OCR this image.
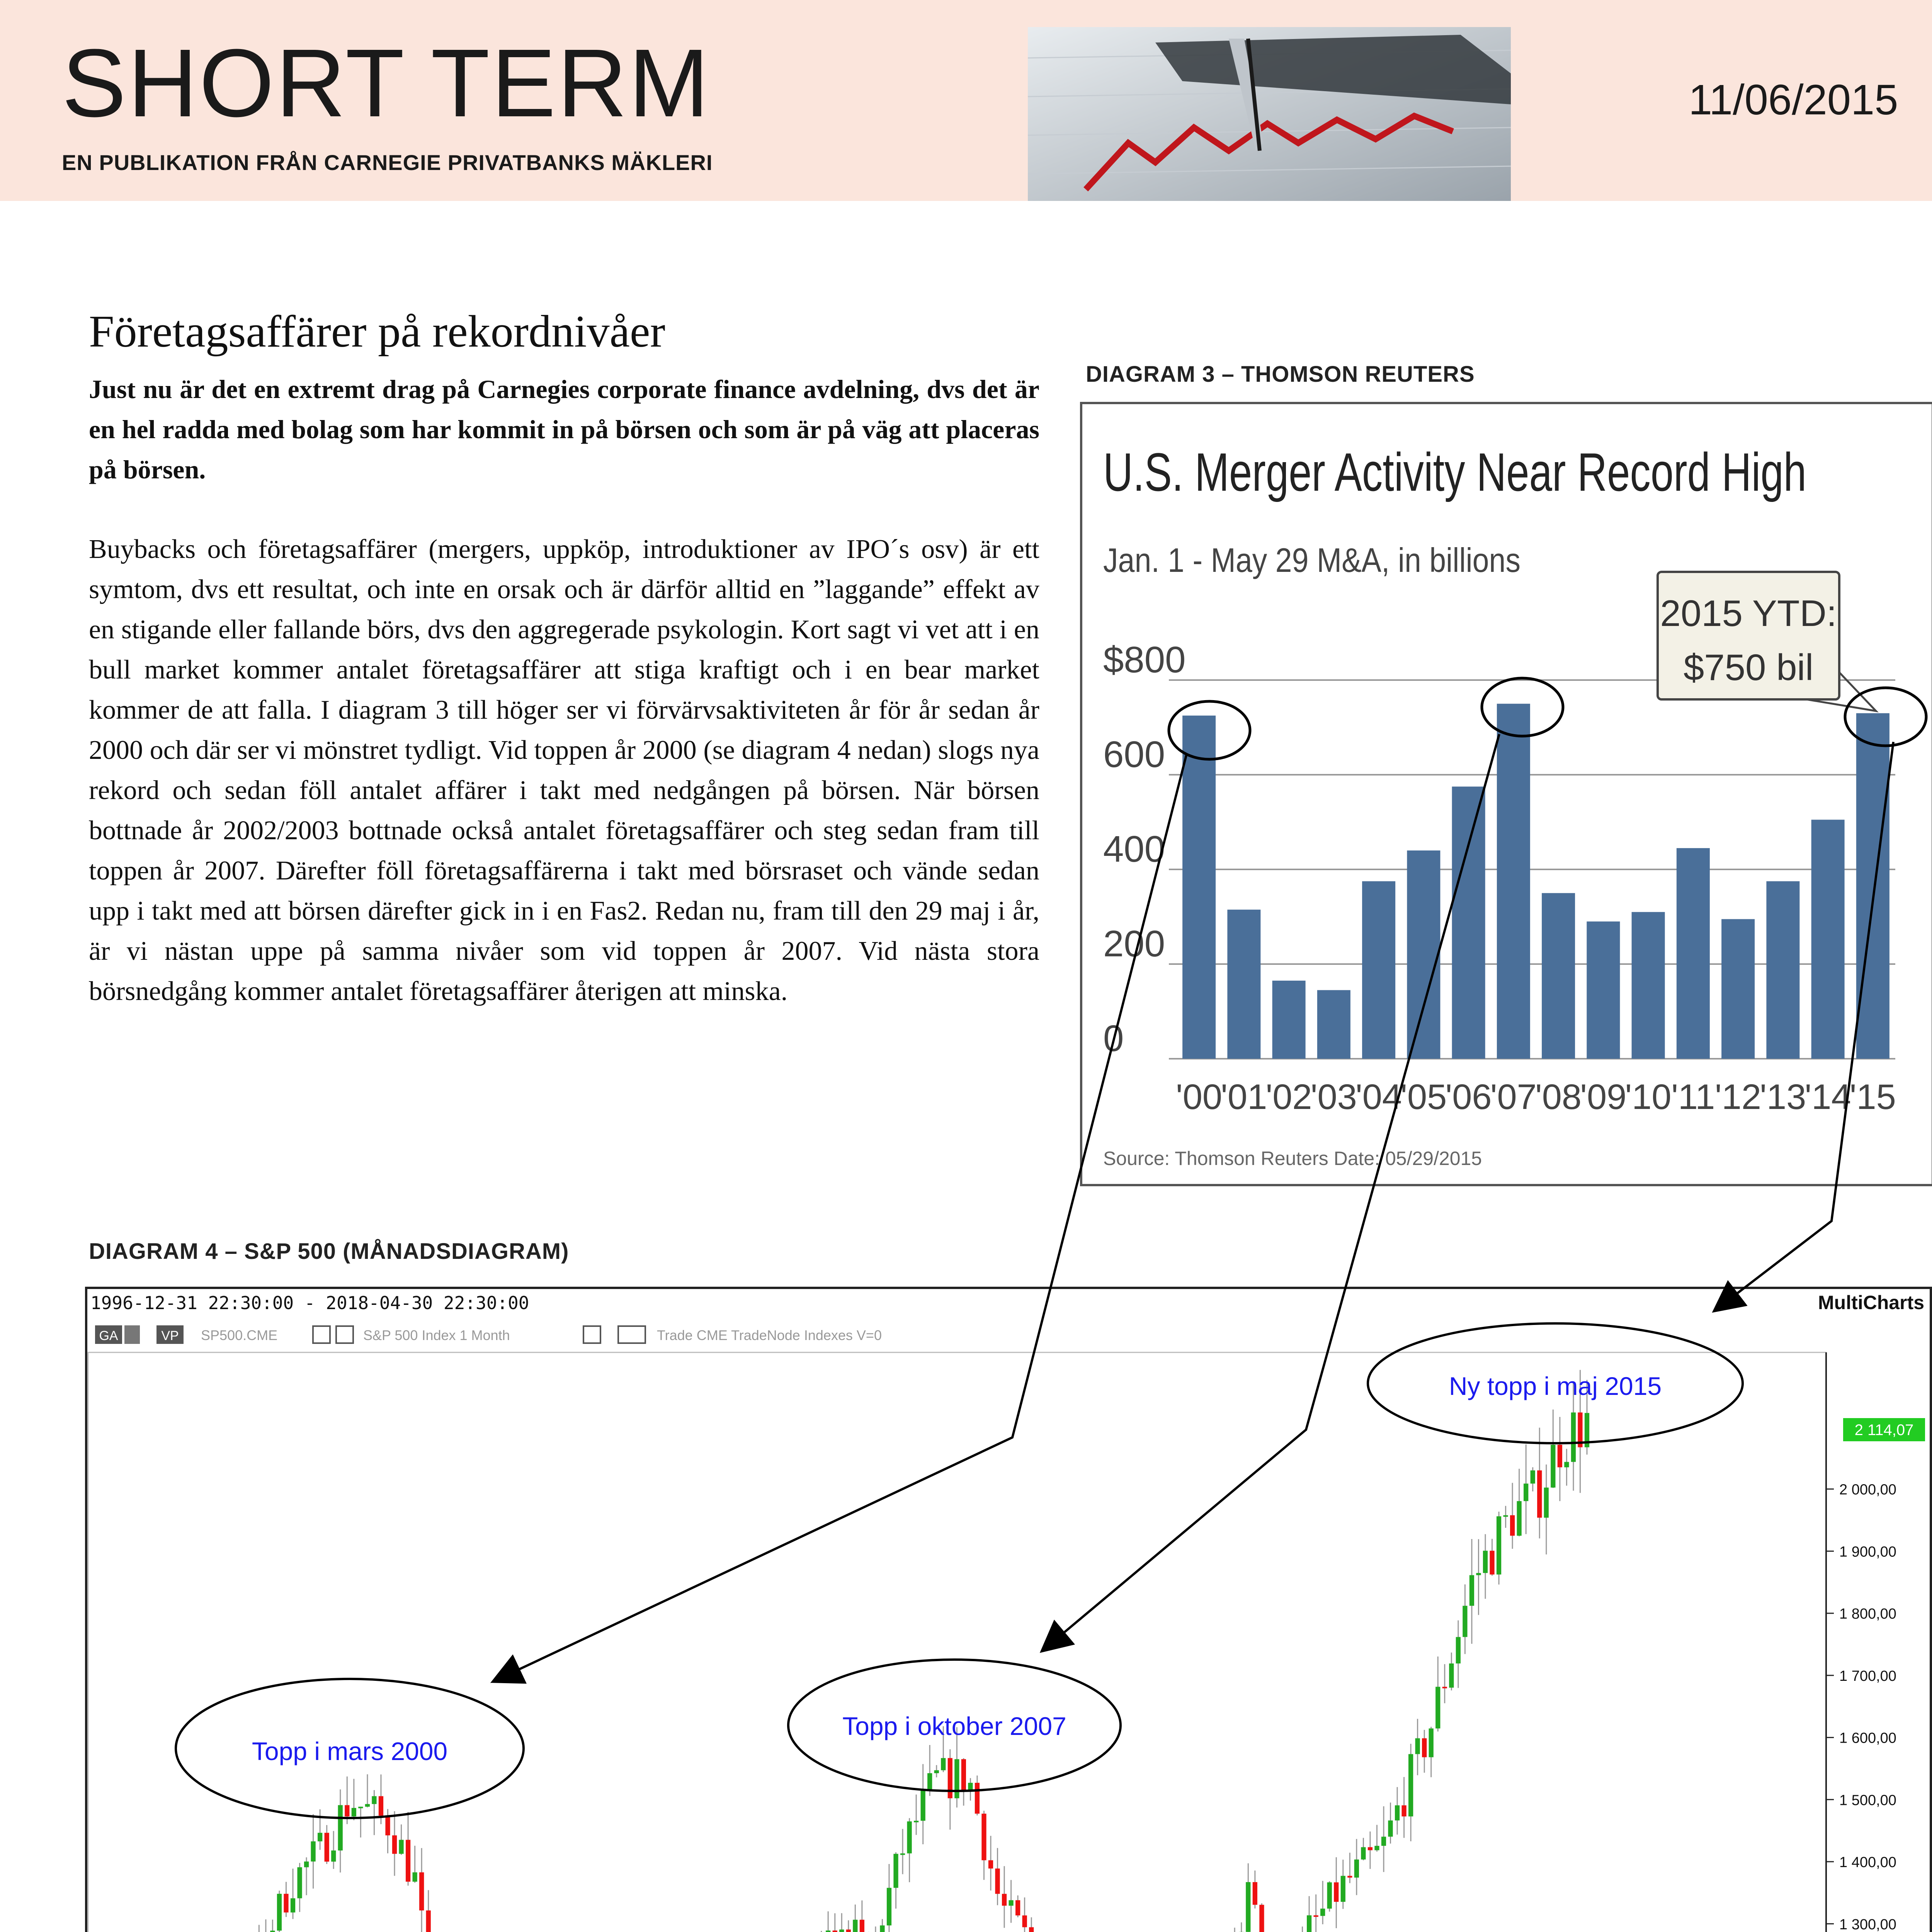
SHORT TERM
EN PUBLIKATION FRÅN CARNEGIE PRIVATBANKS MÄKLERI
11/06/2015
Företagsaffärer på rekordnivåer
Just nu är det en extremt drag på Carnegies corporate finance avdelning, dvs det är en hel radda med bolag som har kommit in på börsen och som är på väg att placeras på börsen.
Buybacks och företagsaffärer (mergers, uppköp, introduktioner av IPO´s osv) är ett symtom, dvs ett resultat, och inte en orsak och är därför alltid en ”laggande” effekt av en stigande eller fallande börs, dvs den aggregerade psykologin. Kort sagt vi vet att i en bull market kommer antalet företagsaffärer att stiga kraftigt och i en bear market kommer de att falla. I diagram 3 till höger ser vi förvärvsaktiviteten år för år sedan år 2000 och där ser vi mönstret tydligt. Vid toppen år 2000 (se diagram 4 nedan) slogs nya rekord och sedan föll antalet affärer i takt med nedgången på börsen. När börsen bottnade år 2002/2003 bottnade också antalet företagsaffärer och steg sedan fram till toppen år 2007. Därefter föll företagsaffärerna i takt med börsraset och vände sedan upp i takt med att börsen därefter gick in i en Fas2. Redan nu, fram till den 29 maj i år, är vi nästan uppe på samma nivåer som vid toppen år 2007. Vid nästa stora börsnedgång kommer antalet företagsaffärer återigen att minska.
DIAGRAM 3 – THOMSON REUTERS
U.S. Merger Activity Near Record High
Jan. 1 - May 29 M&A, in billions
'00
'01
'02
'03
'04
'05
'06
'07
'08
'09
'10 '11 '12
'13
'14
'15
0
200
400
600
$800
2015 YTD:
$750 bil
Source: Thomson Reuters Date: 05/29/2015
DIAGRAM 4 – S&P 500 (MÅNADSDIAGRAM)
1996-12-31 22:30:00 - 2018-04-30 22:30:00	MultiCharts
GA	VP SP500.CME	S&P 500 Index 1 Month	Trade CME TradeNode Indexes V=0
1 300,00
1 400,00
1 500,00
1 600,00
1 700,00
1 800,00
1 900,00
2 000,00
2 114,07
Topp i mars 2000
Topp i oktober 2007
Ny topp i maj 2015
